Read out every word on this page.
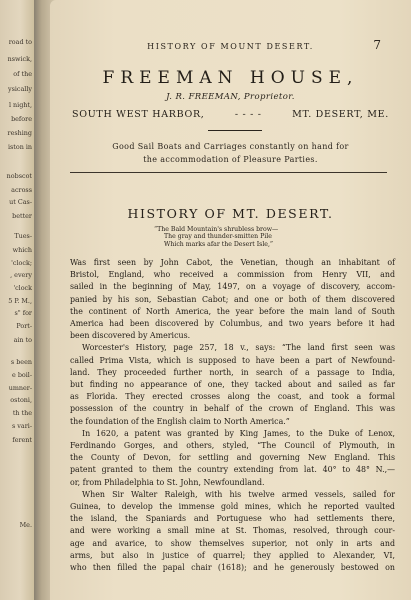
road to
nswick,
of the
ysically
l night,
before
reshing
iston in
nobscot
across
ut Cas-
better
Tues-
which
'clock;
, every
'clock
5 P. M.,
s" for
Port-
ain to
s been
e boil-
umner-
ostoni,
th the
s vari-
ferent
Me.
HISTORY OF MOUNT DESERT.	7
FREEMAN HOUSE,
J. R. FREEMAN, Proprietor.
SOUTH WEST HARBOR,	- - - -	MT. DESERT, ME.
Good Sail Boats and Carriages constantly on hand for
the accommodation of Pleasure Parties.
HISTORY OF MT. DESERT.
“The Bald Mountain's shrubless brow—
The gray and thunder-smitten Pile
Which marks afar the Desert Isle,”

Was first seen by John Cabot, the Venetian, though an inhabitant of

Bristol, England, who received a commission from Henry VII, and

sailed in the beginning of May, 1497, on a voyage of discovery, accom-

panied by his son, Sebastian Cabot; and one or both of them discovered

the continent of North America, the year before the main land of South

America had been discovered by Columbus, and two years before it had

been discovered by Americus.

Worcester's History, page 257, 18 v., says: “The land first seen was

called Prima Vista, which is supposed to have been a part of Newfound-

land. They proceeded further north, in search of a passage to India,

but finding no appearance of one, they tacked about and sailed as far

as Florida. They erected crosses along the coast, and took a formal

possession of the country in behalf of the crown of England. This was

the foundation of the English claim to North America.”

In 1620, a patent was granted by King James, to the Duke of Lenox,

Ferdinando Gorges, and others, styled, “The Council of Plymouth, in

the County of Devon, for settling and governing New England. This

patent granted to them the country extending from lat. 40° to 48° N.,—

or, from Philadelphia to St. John, Newfoundland.

When Sir Walter Raleigh, with his twelve armed vessels, sailed for

Guinea, to develop the immense gold mines, which he reported vaulted

the island, the Spaniards and Portuguese who had settlements there,

and were working a small mine at St. Thomas, resolved, through cour-

age and avarice, to show themselves superior, not only in arts and

arms, but also in justice of quarrel; they applied to Alexander, VI,

who then filled the papal chair (1618); and he generously bestowed on
